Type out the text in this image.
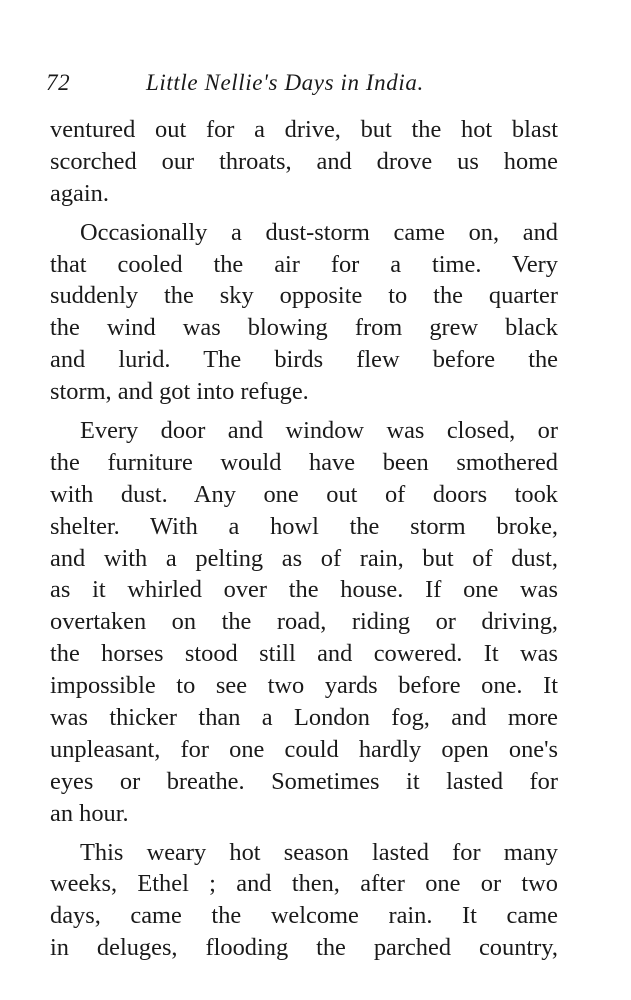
72	Little Nellie's Days in India.
ventured out for a drive, but the hot blast
scorched our throats, and drove us home
again.
Occasionally a dust-storm came on, and
that cooled the air for a time. Very
suddenly the sky opposite to the quarter
the wind was blowing from grew black
and lurid. The birds flew before the
storm, and got into refuge.
Every door and window was closed, or
the furniture would have been smothered
with dust. Any one out of doors took
shelter. With a howl the storm broke,
and with a pelting as of rain, but of dust,
as it whirled over the house. If one was
overtaken on the road, riding or driving,
the horses stood still and cowered. It was
impossible to see two yards before one. It
was thicker than a London fog, and more
unpleasant, for one could hardly open one's
eyes or breathe. Sometimes it lasted for
an hour.
This weary hot season lasted for many
weeks, Ethel ; and then, after one or two
days, came the welcome rain. It came
in deluges, flooding the parched country,
